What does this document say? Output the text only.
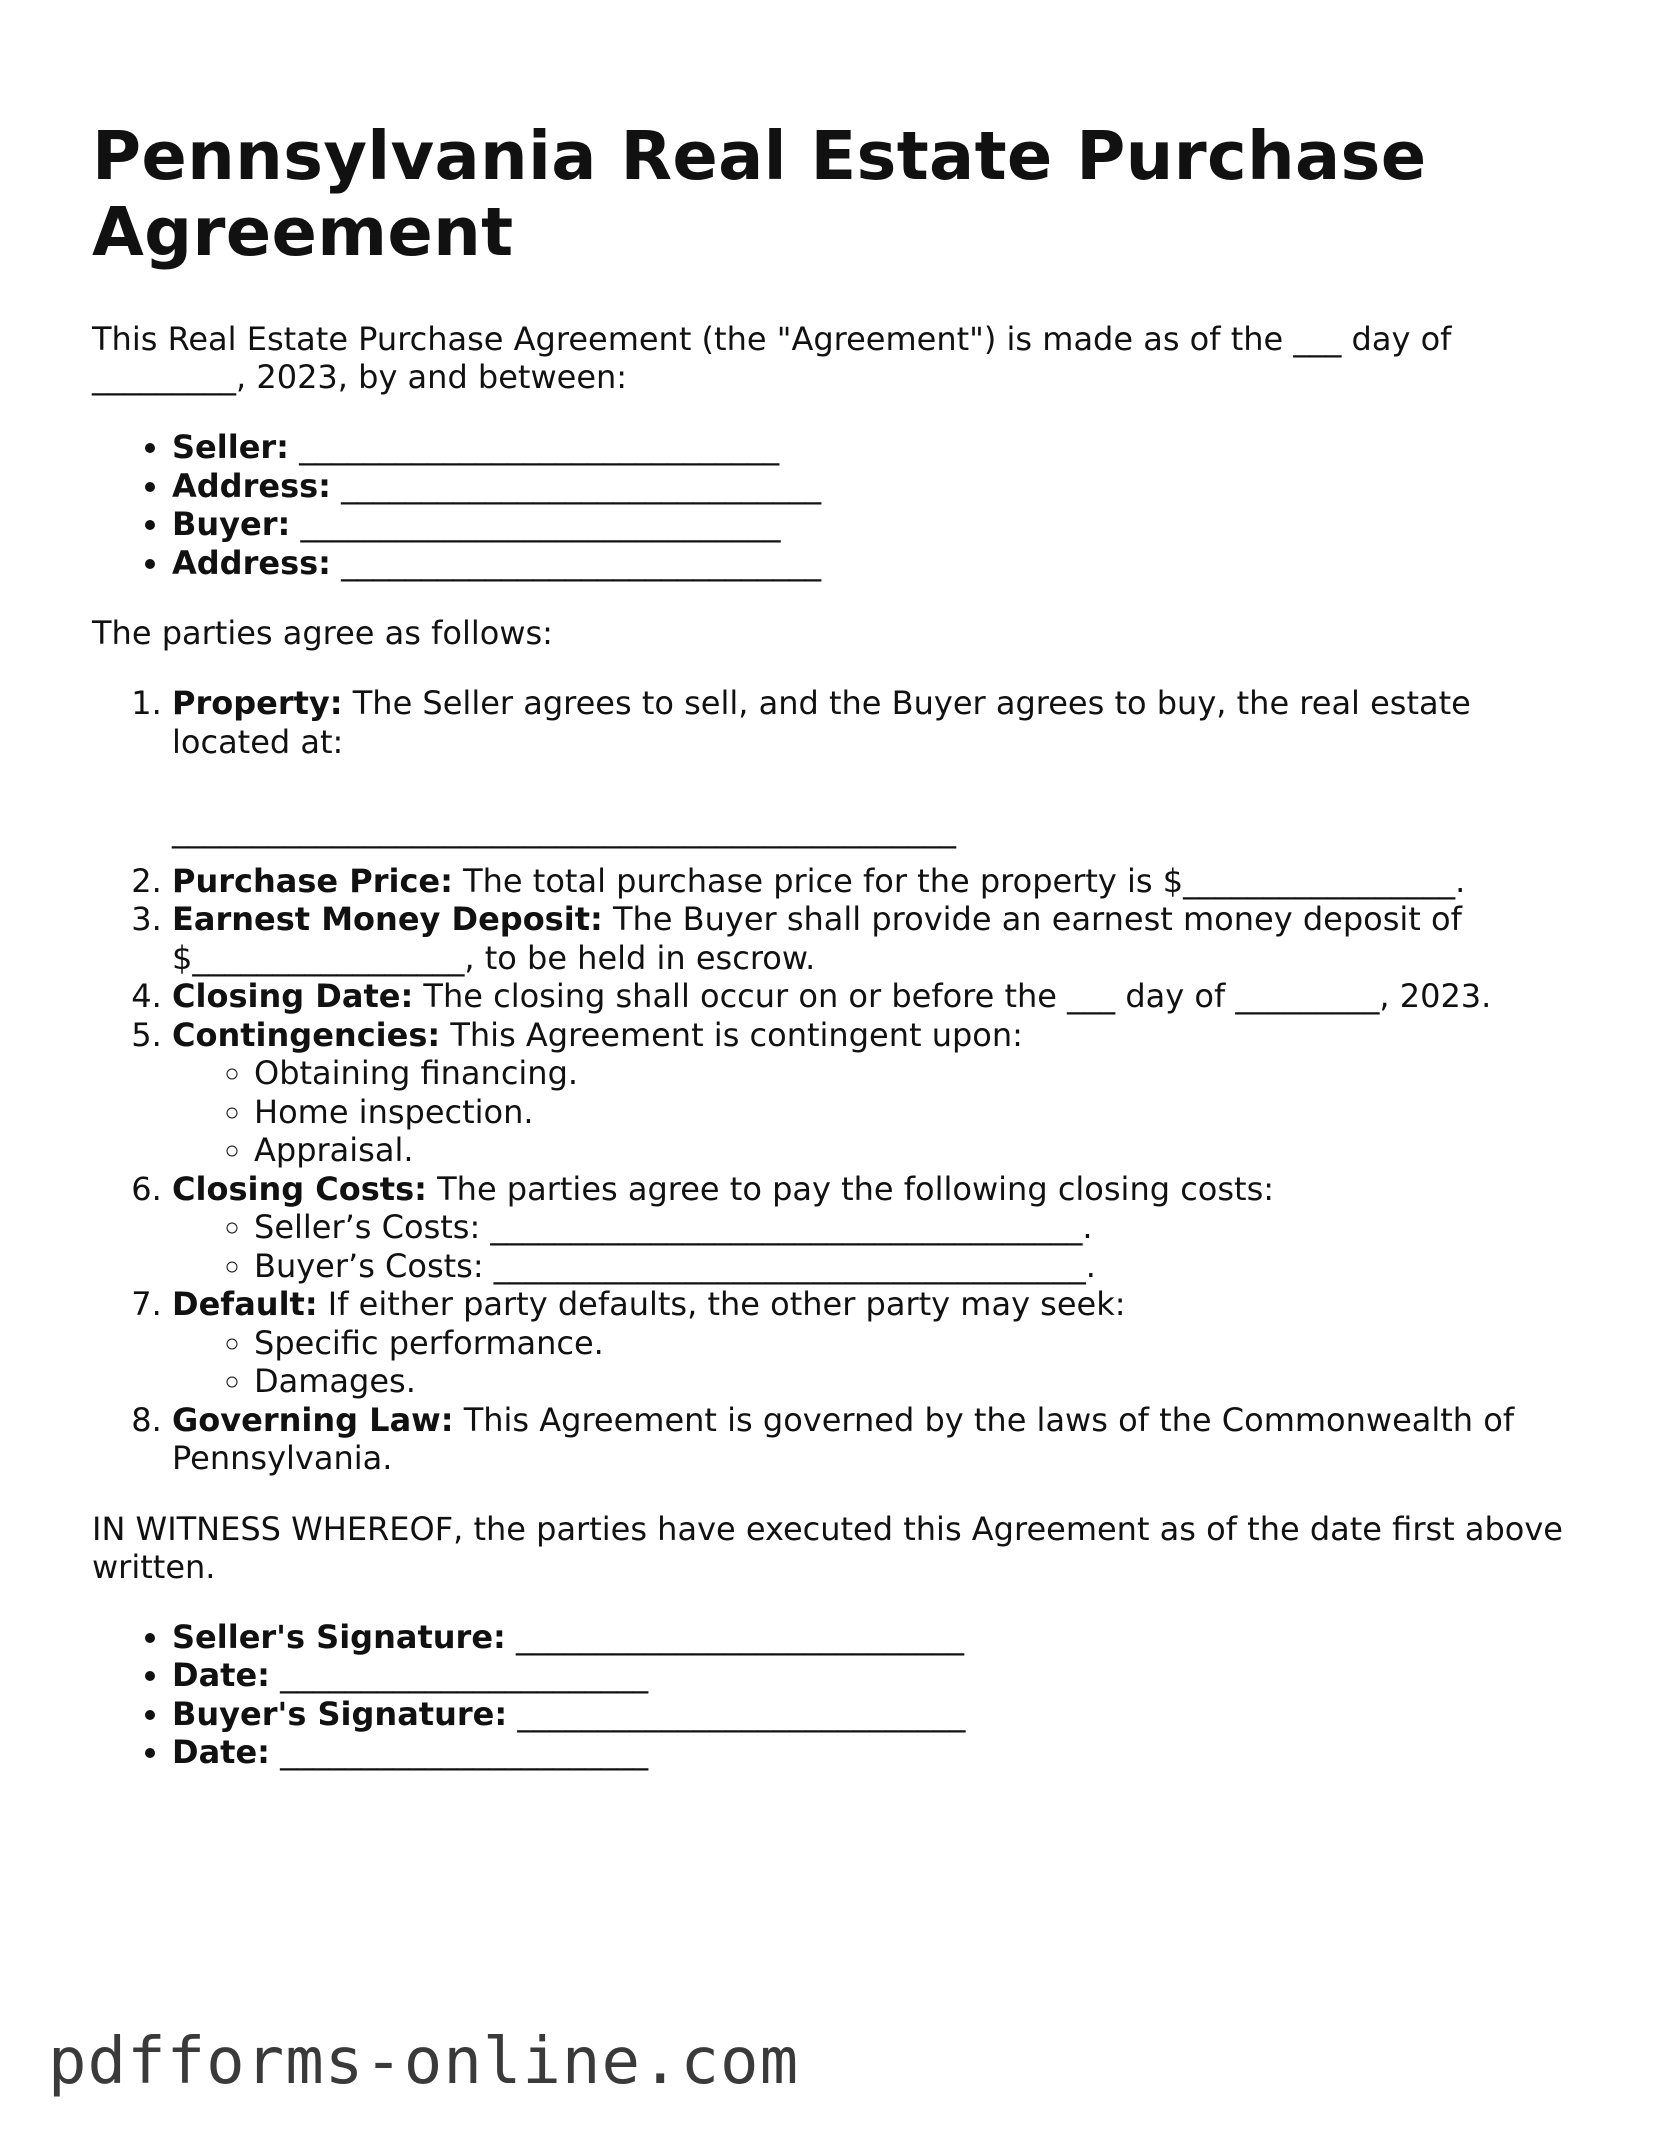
Pennsylvania Real Estate Purchase Agreement

This Real Estate Purchase Agreement (the "Agreement") is made as of the ___ day of _________, 2023, by and between:

• Seller: ______________________________
• Address: ______________________________
• Buyer: ______________________________
• Address: ______________________________

The parties agree as follows:

1. Property: The Seller agrees to sell, and the Buyer agrees to buy, the real estate located at:
_________________________________________________
2. Purchase Price: The total purchase price for the property is $_________________.
3. Earnest Money Deposit: The Buyer shall provide an earnest money deposit of $_________________, to be held in escrow.
4. Closing Date: The closing shall occur on or before the ___ day of _________, 2023.
5. Contingencies: This Agreement is contingent upon:
◦ Obtaining financing.
◦ Home inspection.
◦ Appraisal.
6. Closing Costs: The parties agree to pay the following closing costs:
◦ Seller’s Costs: _____________________________________.
◦ Buyer’s Costs: _____________________________________.
7. Default: If either party defaults, the other party may seek:
◦ Specific performance.
◦ Damages.
8. Governing Law: This Agreement is governed by the laws of the Commonwealth of Pennsylvania.

IN WITNESS WHEREOF, the parties have executed this Agreement as of the date first above written.

• Seller's Signature: ____________________________
• Date: _______________________
• Buyer's Signature: ____________________________
• Date: _______________________
pdfforms-online.com
